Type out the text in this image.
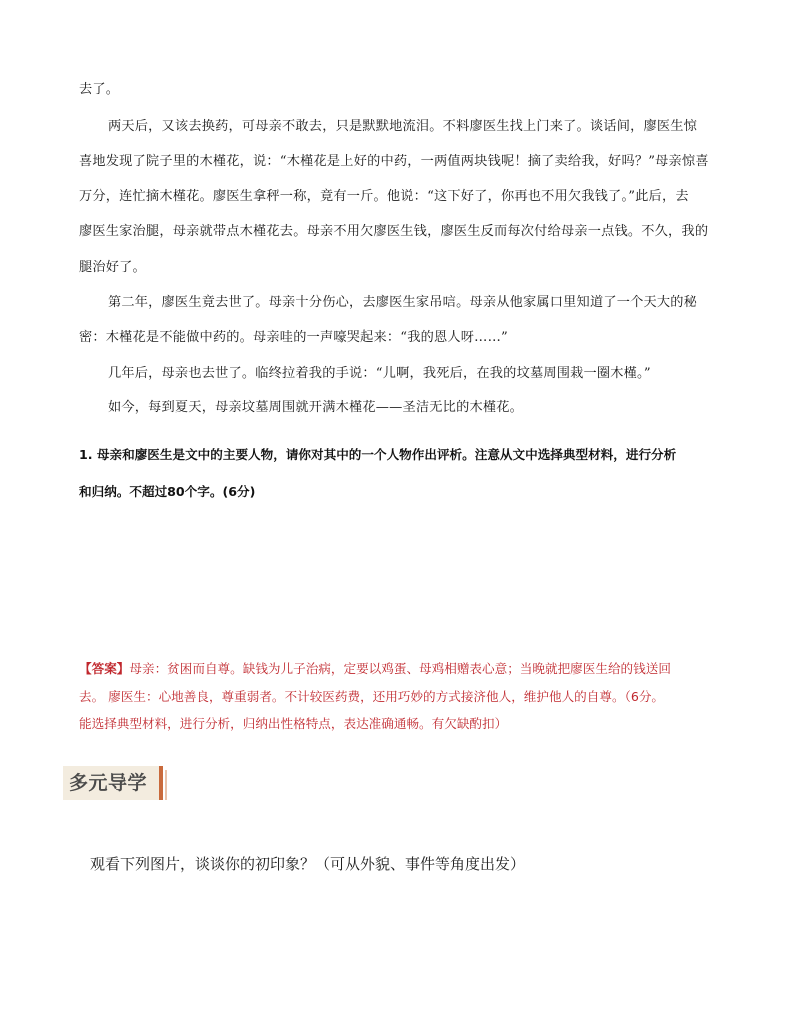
去了。
两天后，又该去换药，可母亲不敢去，只是默默地流泪。不料廖医生找上门来了。谈话间，廖医生惊
喜地发现了院子里的木槿花，说：“木槿花是上好的中药，一两值两块钱呢！摘了卖给我，好吗？”母亲惊喜
万分，连忙摘木槿花。廖医生拿秤一称，竟有一斤。他说：“这下好了，你再也不用欠我钱了。”此后，去
廖医生家治腿，母亲就带点木槿花去。母亲不用欠廖医生钱，廖医生反而每次付给母亲一点钱。不久，我的
腿治好了。
第二年，廖医生竟去世了。母亲十分伤心，去廖医生家吊唁。母亲从他家属口里知道了一个天大的秘
密：木槿花是不能做中药的。母亲哇的一声嚎哭起来：“我的恩人呀……”
几年后，母亲也去世了。临终拉着我的手说：“儿啊，我死后，在我的坟墓周围栽一圈木槿。”
如今，每到夏天，母亲坟墓周围就开满木槿花——圣洁无比的木槿花。
1. 母亲和廖医生是文中的主要人物，请你对其中的一个人物作出评析。注意从文中选择典型材料，进行分析
和归纳。不超过80个字。(6分)
【答案】母亲：贫困而自尊。缺钱为儿子治病，定要以鸡蛋、母鸡相赠表心意；当晚就把廖医生给的钱送回
去。 廖医生：心地善良，尊重弱者。不计较医药费，还用巧妙的方式接济他人，维护他人的自尊。（6分。
能选择典型材料，进行分析，归纳出性格特点，表达准确通畅。有欠缺酌扣）
多元导学
观看下列图片，谈谈你的初印象？（可从外貌、事件等角度出发）
